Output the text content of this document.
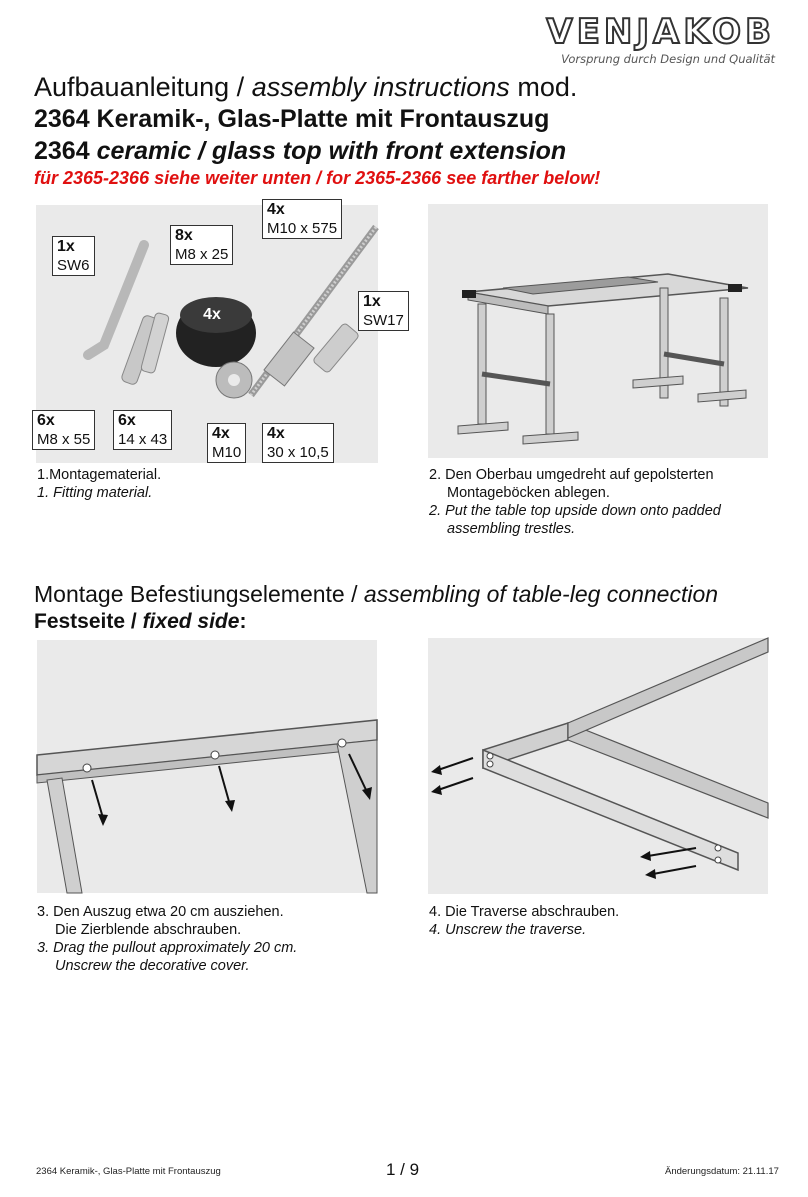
VENJAKOB
Vorsprung durch Design und Qualität
Aufbauanleitung / assembly instructions mod.
2364 Keramik-, Glas-Platte mit Frontauszug
2364 ceramic / glass top with front extension
für 2365-2366 siehe weiter unten / for 2365-2366 see farther below!
4x
1x
SW6
8x
M8 x 25
4x
M10 x 575
1x
SW17
6x
M8 x 55
6x
14 x 43	4x
M10
4x
30 x 10,5
1.Montagematerial.
1. Fitting material.
2. Den Oberbau umgedreht auf gepolsterten
Montageböcken ablegen.
2. Put the table top upside down onto padded
assembling trestles.
Montage Befestiungselemente / assembling of table-leg connection
Festseite / fixed side:
3. Den Auszug etwa 20 cm ausziehen.
Die Zierblende abschrauben.
3. Drag the pullout approximately 20 cm.
Unscrew the decorative cover.
4. Die Traverse abschrauben.
4. Unscrew the traverse.
2364 Keramik-, Glas-Platte mit Frontauszug	1 / 9	Änderungsdatum: 21.11.17
